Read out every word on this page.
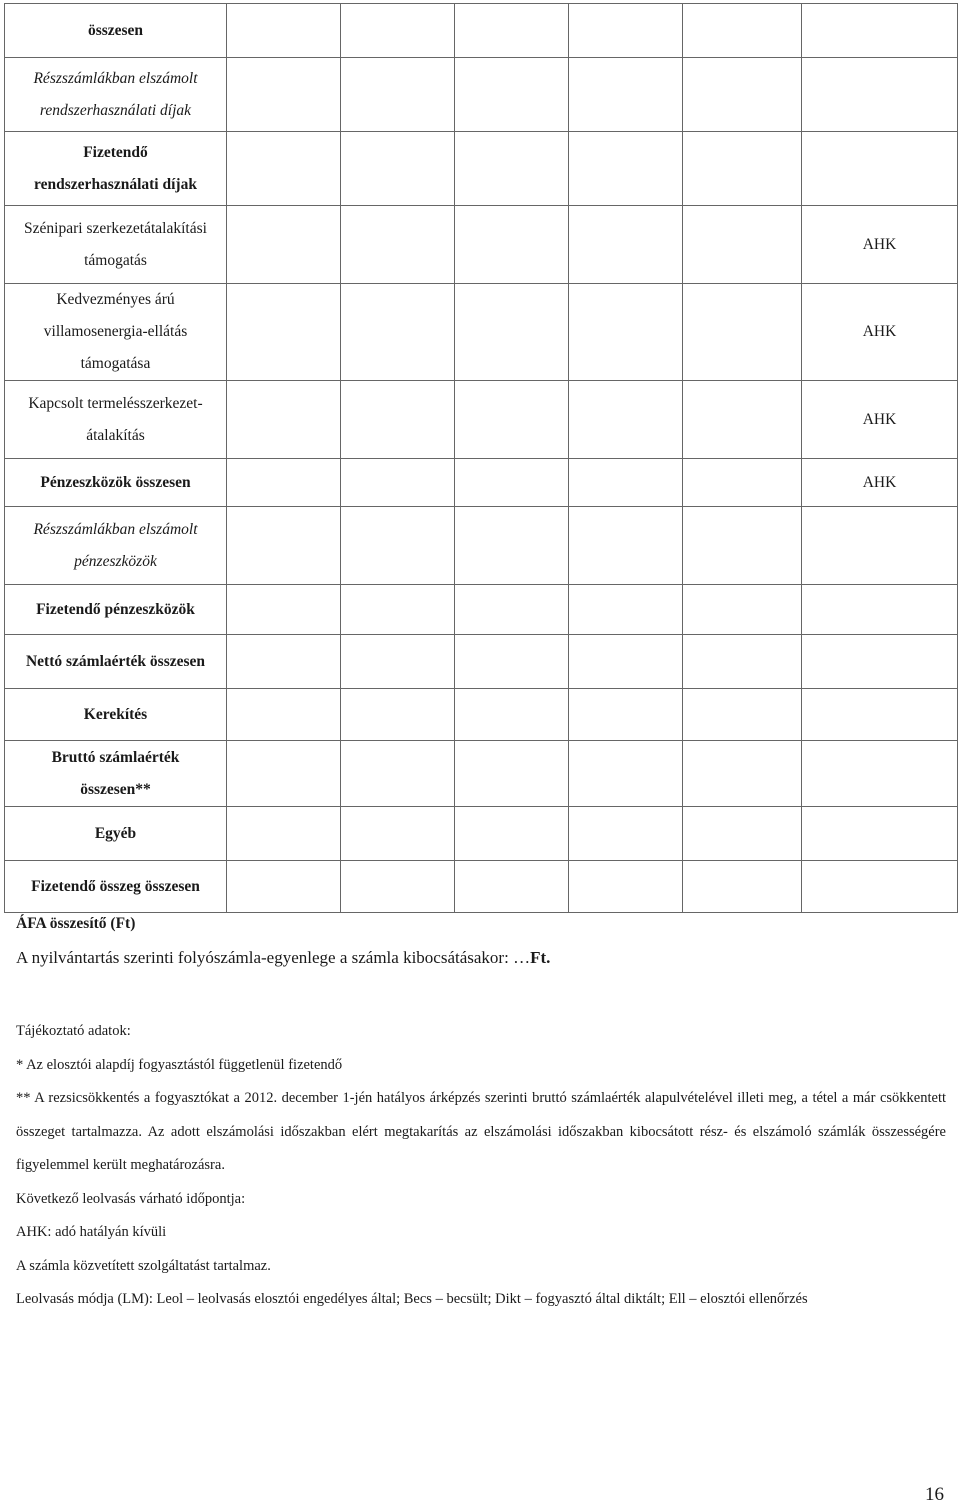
összesen						

Részszámlákban elszámolt
rendszerhasználati díjak						

Fizetendő
rendszerhasználati díjak						

Szénipari szerkezetátalakítási
támogatás						AHK

Kedvezményes árú
villamosenergia-ellátás
támogatása						AHK

Kapcsolt termelésszerkezet-
átalakítás						AHK

Pénzeszközök összesen						AHK

Részszámlákban elszámolt
pénzeszközök						

Fizetendő pénzeszközök						

Nettó számlaérték összesen						

Kerekítés						

Bruttó számlaérték
összesen**						

Egyéb						

Fizetendő összeg összesen						

ÁFA összesítő (Ft)
A nyilvántartás szerinti folyószámla-egyenlege a számla kibocsátásakor: …Ft.

Tájékoztató adatok:

* Az elosztói alapdíj fogyasztástól függetlenül fizetendő

** A rezsicsökkentés a fogyasztókat a 2012. december 1-jén hatályos árképzés szerinti bruttó számlaérték alapulvételével illeti meg, a tétel a már csökkentett összeget tartalmazza. Az adott elszámolási időszakban elért megtakarítás az elszámolási időszakban kibocsátott rész- és elszámoló számlák összességére figyelemmel került meghatározásra.

Következő leolvasás várható időpontja:

AHK: adó hatályán kívüli

A számla közvetített szolgáltatást tartalmaz.

Leolvasás módja (LM): Leol – leolvasás elosztói engedélyes által; Becs – becsült; Dikt – fogyasztó által diktált; Ell – elosztói ellenőrzés

16
